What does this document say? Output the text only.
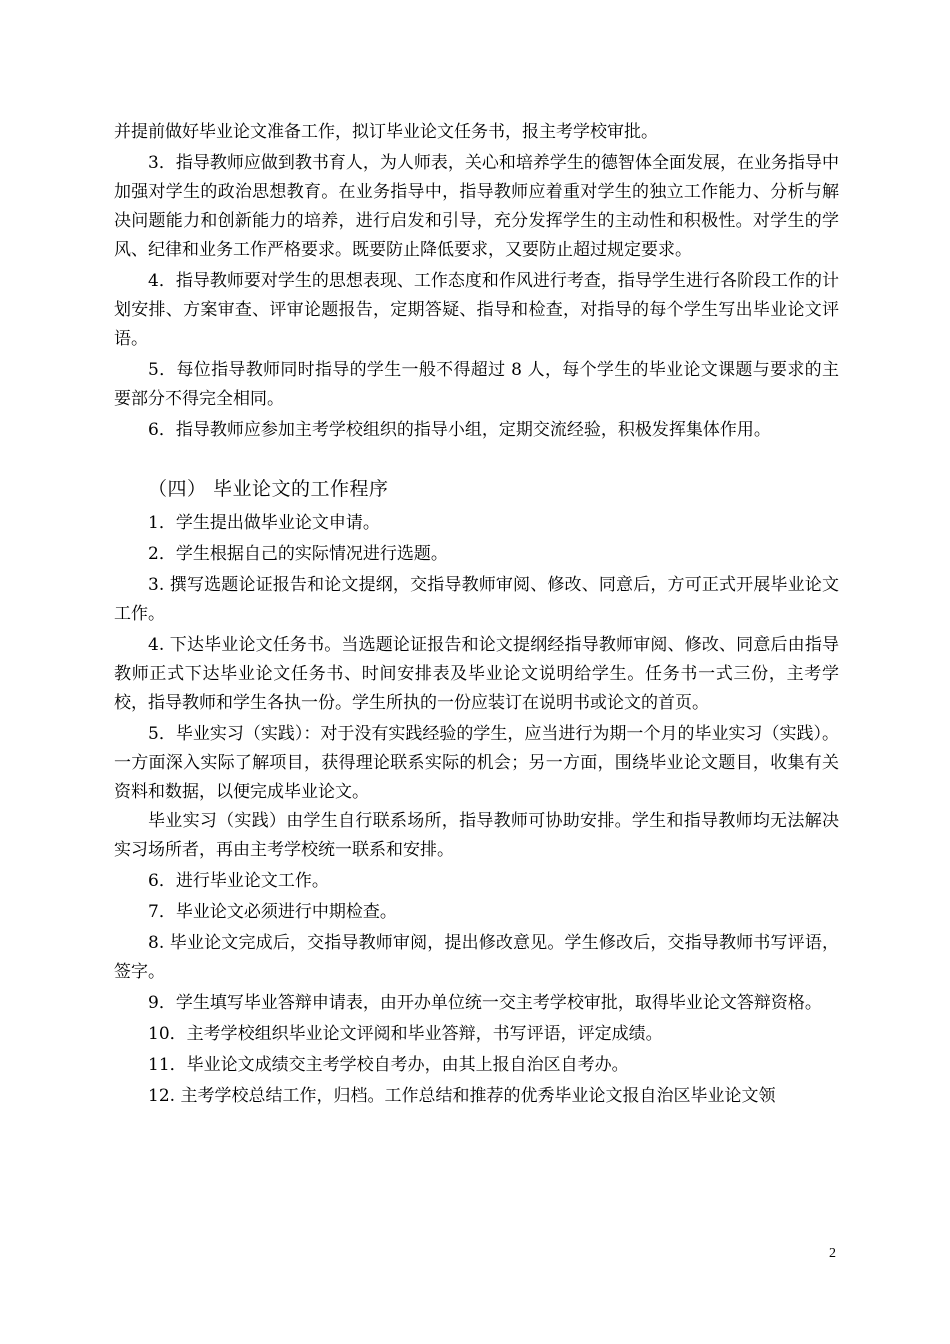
并提前做好毕业论文准备工作，拟订毕业论文任务书，报主考学校审批。

3．指导教师应做到教书育人，为人师表，关心和培养学生的德智体全面发展，在业务指导中加强对学生的政治思想教育。在业务指导中，指导教师应着重对学生的独立工作能力、分析与解决问题能力和创新能力的培养，进行启发和引导，充分发挥学生的主动性和积极性。对学生的学风、纪律和业务工作严格要求。既要防止降低要求，又要防止超过规定要求。

4．指导教师要对学生的思想表现、工作态度和作风进行考查，指导学生进行各阶段工作的计划安排、方案审查、评审论题报告，定期答疑、指导和检查，对指导的每个学生写出毕业论文评语。

5．每位指导教师同时指导的学生一般不得超过 8 人，每个学生的毕业论文课题与要求的主要部分不得完全相同。

6．指导教师应参加主考学校组织的指导小组，定期交流经验，积极发挥集体作用。

（四） 毕业论文的工作程序

1．学生提出做毕业论文申请。

2．学生根据自己的实际情况进行选题。

3. 撰写选题论证报告和论文提纲，交指导教师审阅、修改、同意后，方可正式开展毕业论文工作。

4. 下达毕业论文任务书。当选题论证报告和论文提纲经指导教师审阅、修改、同意后由指导教师正式下达毕业论文任务书、时间安排表及毕业论文说明给学生。任务书一式三份，主考学校，指导教师和学生各执一份。学生所执的一份应装订在说明书或论文的首页。

5．毕业实习（实践）：对于没有实践经验的学生，应当进行为期一个月的毕业实习（实践）。一方面深入实际了解项目，获得理论联系实际的机会；另一方面，围绕毕业论文题目，收集有关资料和数据，以便完成毕业论文。

毕业实习（实践）由学生自行联系场所，指导教师可协助安排。学生和指导教师均无法解决实习场所者，再由主考学校统一联系和安排。

6．进行毕业论文工作。

7．毕业论文必须进行中期检查。

8. 毕业论文完成后，交指导教师审阅，提出修改意见。学生修改后，交指导教师书写评语，签字。

9．学生填写毕业答辩申请表，由开办单位统一交主考学校审批，取得毕业论文答辩资格。

10．主考学校组织毕业论文评阅和毕业答辩，书写评语，评定成绩。

11．毕业论文成绩交主考学校自考办，由其上报自治区自考办。

12. 主考学校总结工作，归档。工作总结和推荐的优秀毕业论文报自治区毕业论文领

2
